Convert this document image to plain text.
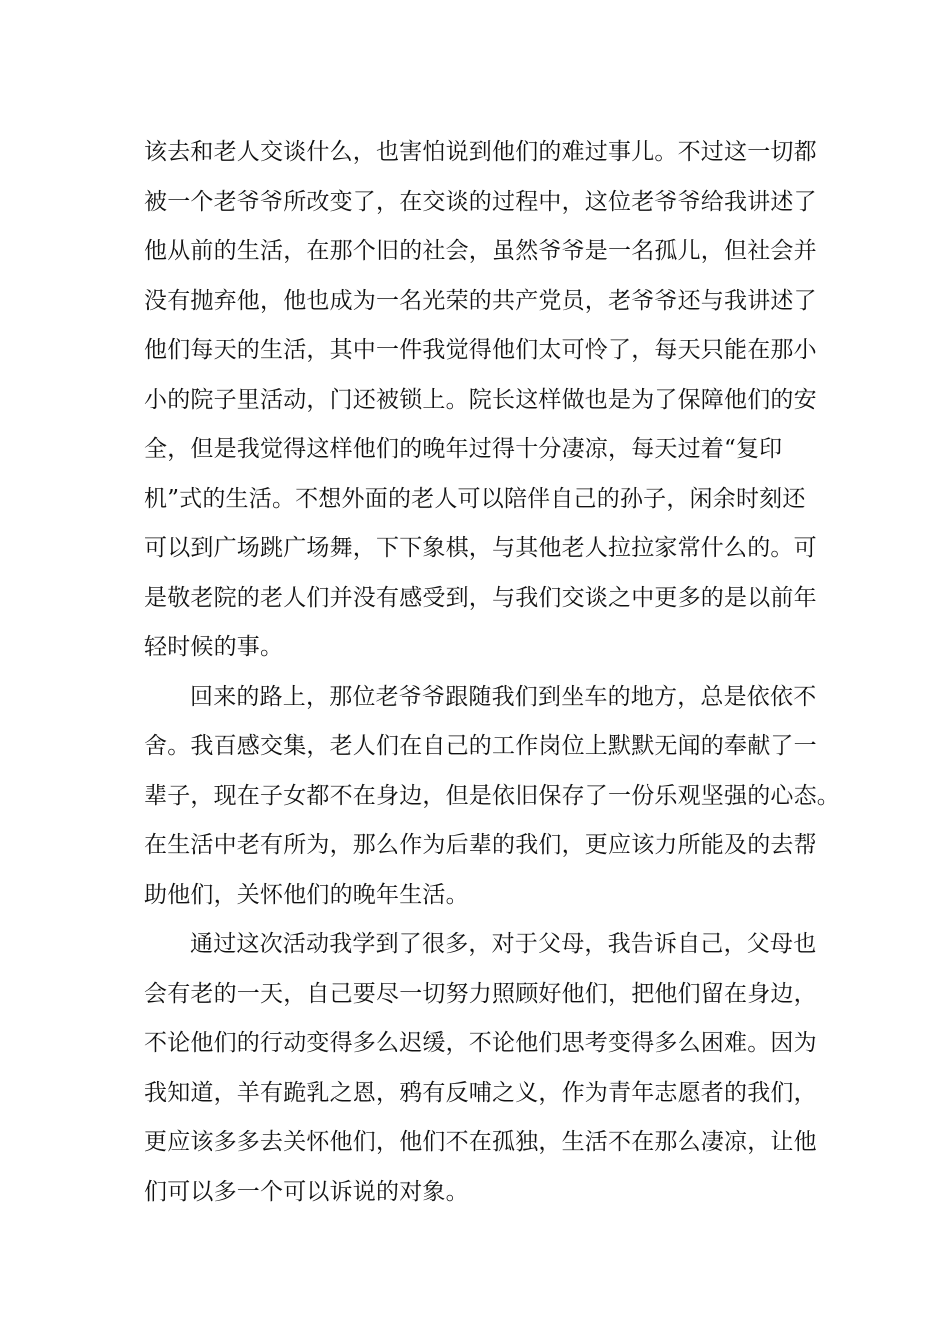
该去和老人交谈什么，也害怕说到他们的难过事儿。不过这一切都
被一个老爷爷所改变了，在交谈的过程中，这位老爷爷给我讲述了
他从前的生活，在那个旧的社会，虽然爷爷是一名孤儿，但社会并
没有抛弃他，他也成为一名光荣的共产党员，老爷爷还与我讲述了
他们每天的生活，其中一件我觉得他们太可怜了，每天只能在那小
小的院子里活动，门还被锁上。院长这样做也是为了保障他们的安
全，但是我觉得这样他们的晚年过得十分凄凉，每天过着“复印
机”式的生活。不想外面的老人可以陪伴自己的孙子，闲余时刻还
可以到广场跳广场舞，下下象棋，与其他老人拉拉家常什么的。可
是敬老院的老人们并没有感受到，与我们交谈之中更多的是以前年
轻时候的事。
回来的路上，那位老爷爷跟随我们到坐车的地方，总是依依不
舍。我百感交集，老人们在自己的工作岗位上默默无闻的奉献了一
辈子，现在子女都不在身边，但是依旧保存了一份乐观坚强的心态。
在生活中老有所为，那么作为后辈的我们，更应该力所能及的去帮
助他们，关怀他们的晚年生活。
通过这次活动我学到了很多，对于父母，我告诉自己，父母也
会有老的一天，自己要尽一切努力照顾好他们，把他们留在身边，
不论他们的行动变得多么迟缓，不论他们思考变得多么困难。因为
我知道，羊有跪乳之恩，鸦有反哺之义，作为青年志愿者的我们，
更应该多多去关怀他们，他们不在孤独，生活不在那么凄凉，让他
们可以多一个可以诉说的对象。
